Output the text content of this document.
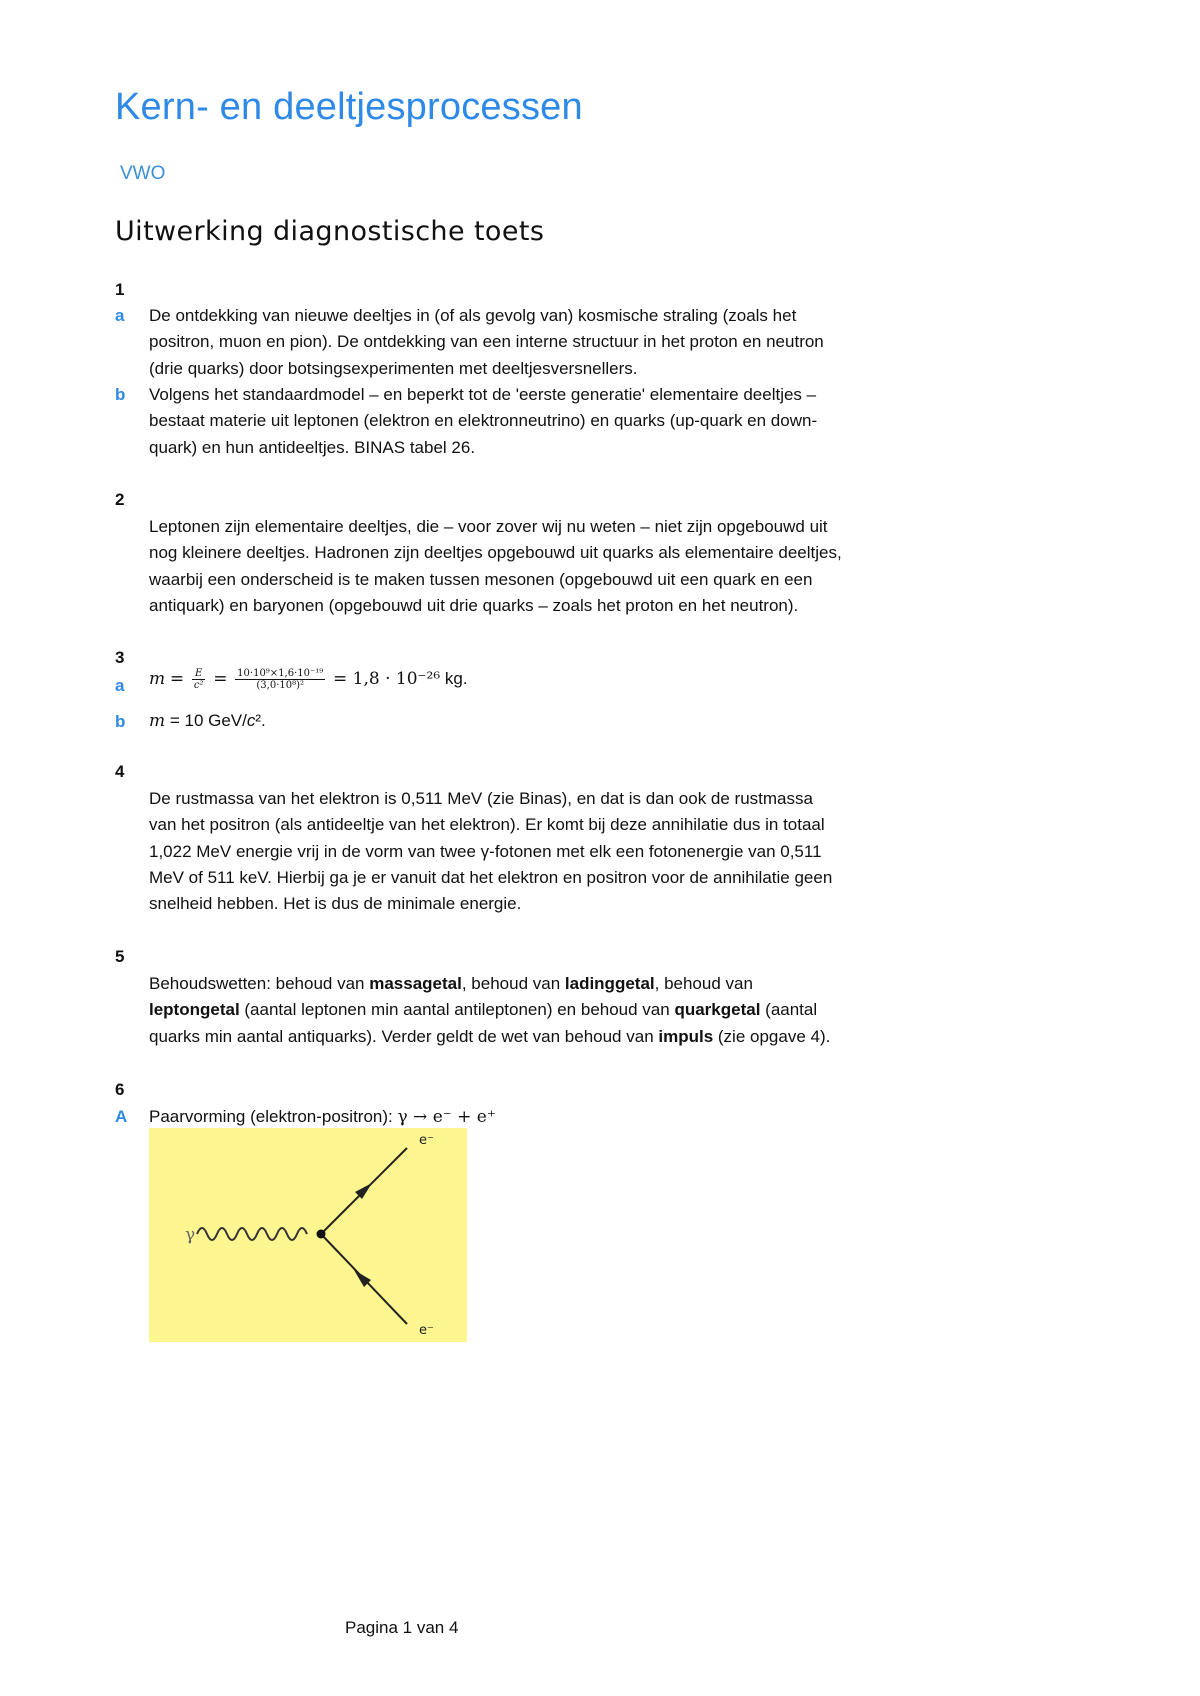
Kern- en deeltjesprocessen
VWO
Uitwerking diagnostische toets
1
a De ontdekking van nieuwe deeltjes in (of als gevolg van) kosmische straling (zoals het
positron, muon en pion). De ontdekking van een interne structuur in het proton en neutron
(drie quarks) door botsingsexperimenten met deeltjesversnellers.
b Volgens het standaardmodel – en beperkt tot de 'eerste generatie' elementaire deeltjes –
bestaat materie uit leptonen (elektron en elektronneutrino) en quarks (up-quark en down-
quark) en hun antideeltjes. BINAS tabel 26.
2
Leptonen zijn elementaire deeltjes, die – voor zover wij nu weten – niet zijn opgebouwd uit
nog kleinere deeltjes. Hadronen zijn deeltjes opgebouwd uit quarks als elementaire deeltjes,
waarbij een onderscheid is te maken tussen mesonen (opgebouwd uit een quark en een
antiquark) en baryonen (opgebouwd uit drie quarks – zoals het proton en het neutron).
3
a $m = \frac{E}{\text{c²}} = \frac{\text{10·10⁹×1,6·10⁻¹⁹}}{\text{(3,0·10⁸)²}} = 1,8 \cdot 10^{-26}$ kg.
b m = 10 GeV/c².
4
De rustmassa van het elektron is 0,511 MeV (zie Binas), en dat is dan ook de rustmassa
van het positron (als antideeltje van het elektron). Er komt bij deze annihilatie dus in totaal
1,022 MeV energie vrij in de vorm van twee γ-fotonen met elk een fotonenergie van 0,511
MeV of 511 keV. Hierbij ga je er vanuit dat het elektron en positron voor de annihilatie geen
snelheid hebben. Het is dus de minimale energie.
5
Behoudswetten: behoud van massagetal, behoud van ladinggetal, behoud van
leptongetal (aantal leptonen min aantal antileptonen) en behoud van quarkgetal (aantal
quarks min aantal antiquarks). Verder geldt de wet van behoud van impuls (zie opgave 4).
6
A Paarvorming (elektron-positron): γ → e⁻ + e⁺
γ
e⁻
e⁻
Pagina 1 van 4
